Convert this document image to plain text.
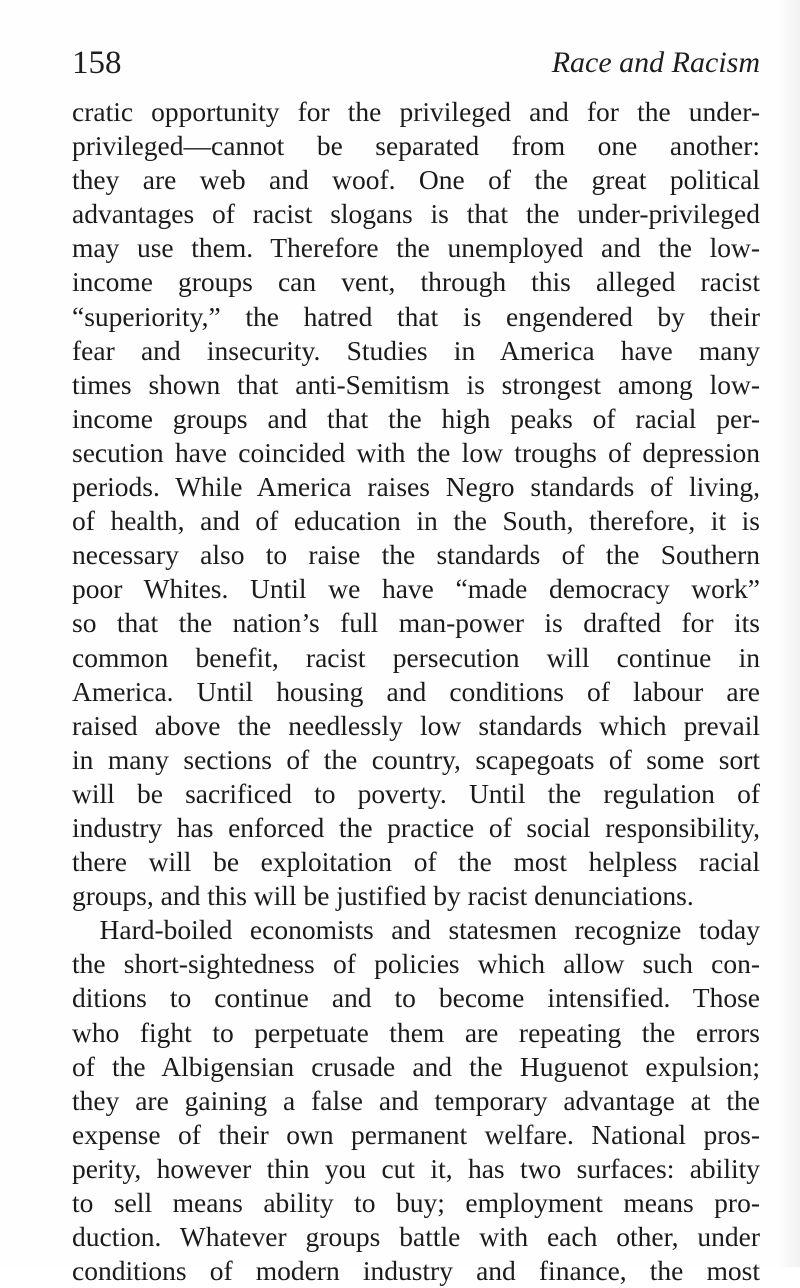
158	Race and Racism
cratic opportunity for the privileged and for the under-
privileged—cannot be separated from one another:
they are web and woof. One of the great political
advantages of racist slogans is that the under-privileged
may use them. Therefore the unemployed and the low-
income groups can vent, through this alleged racist
“superiority,” the hatred that is engendered by their
fear and insecurity. Studies in America have many
times shown that anti-Semitism is strongest among low-
income groups and that the high peaks of racial per-
secution have coincided with the low troughs of depression
periods. While America raises Negro standards of living,
of health, and of education in the South, therefore, it is
necessary also to raise the standards of the Southern
poor Whites. Until we have “made democracy work”
so that the nation’s full man-power is drafted for its
common benefit, racist persecution will continue in
America. Until housing and conditions of labour are
raised above the needlessly low standards which prevail
in many sections of the country, scapegoats of some sort
will be sacrificed to poverty. Until the regulation of
industry has enforced the practice of social responsibility,
there will be exploitation of the most helpless racial
groups, and this will be justified by racist denunciations.
Hard-boiled economists and statesmen recognize today
the short-sightedness of policies which allow such con-
ditions to continue and to become intensified. Those
who fight to perpetuate them are repeating the errors
of the Albigensian crusade and the Huguenot expulsion;
they are gaining a false and temporary advantage at the
expense of their own permanent welfare. National pros-
perity, however thin you cut it, has two surfaces: ability
to sell means ability to buy; employment means pro-
duction. Whatever groups battle with each other, under
conditions of modern industry and finance, the most
